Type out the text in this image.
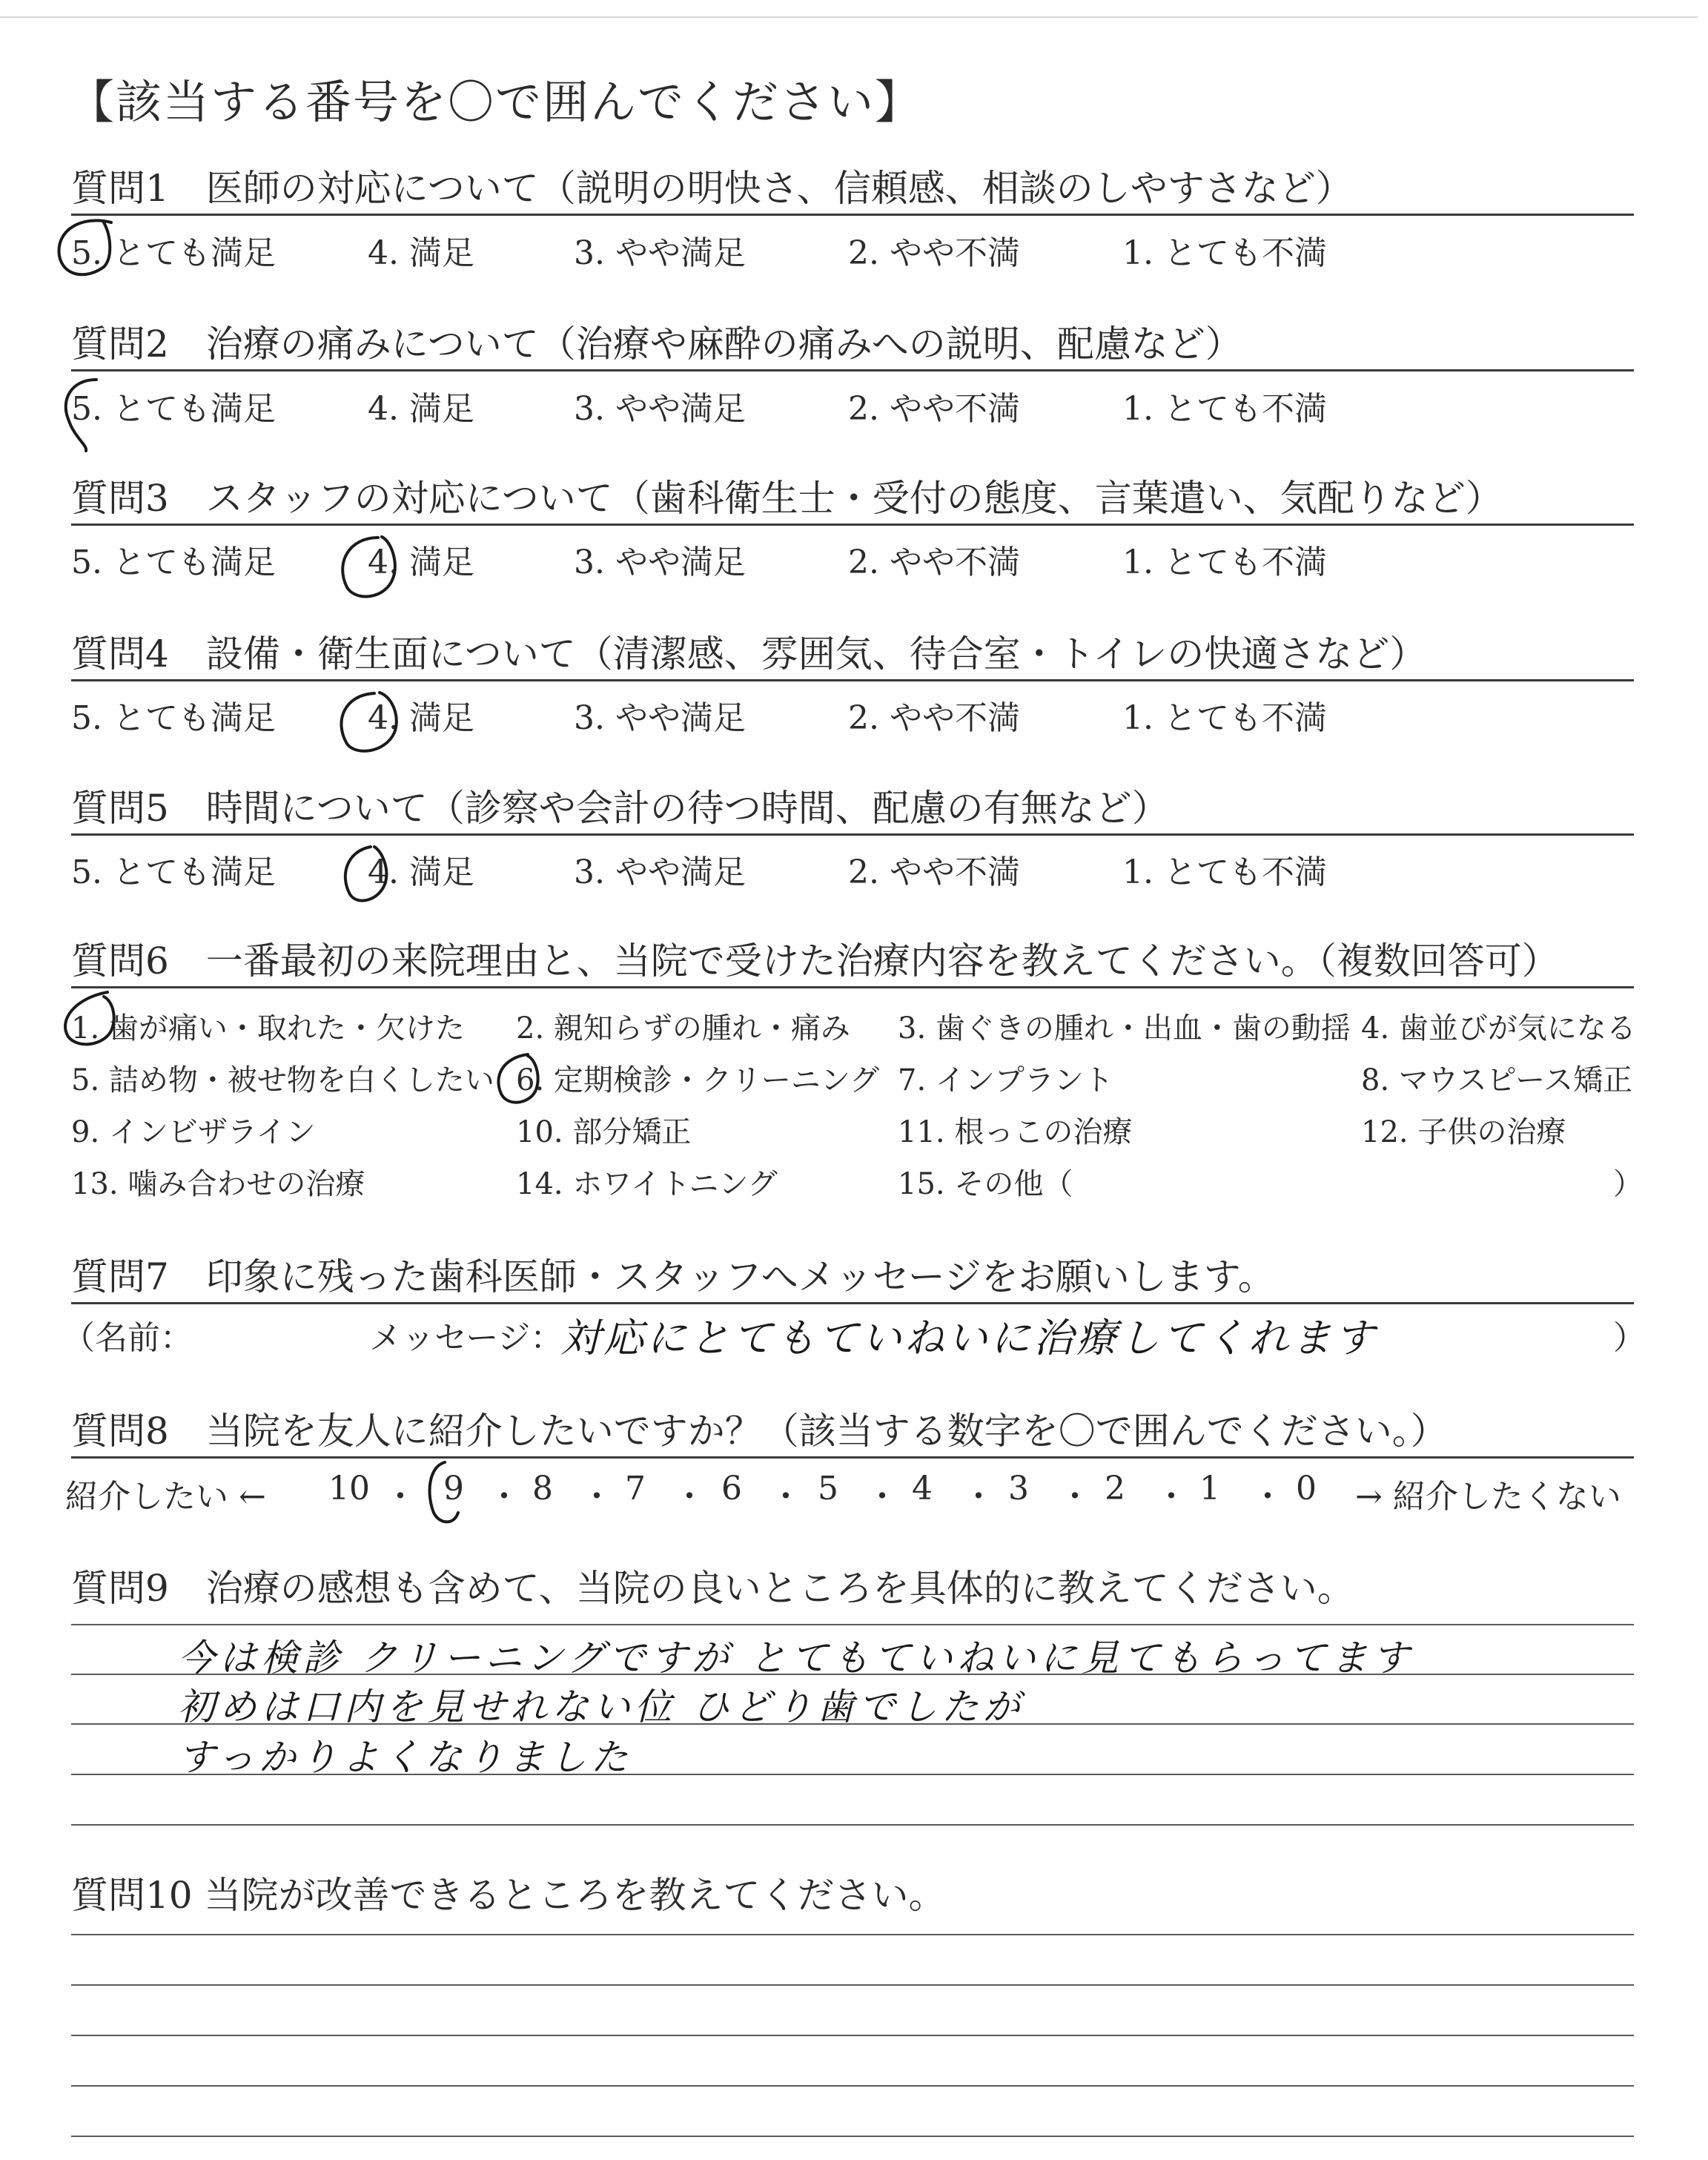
【該当する番号を〇で囲んでください】
質問1　医師の対応について（説明の明快さ、信頼感、相談のしやすさなど）
5. とても満足	4. 満足	3. やや満足	2. やや不満	1. とても不満
質問2　治療の痛みについて（治療や麻酔の痛みへの説明、配慮など）
5. とても満足	4. 満足	3. やや満足	2. やや不満	1. とても不満
質問3　スタッフの対応について（歯科衛生士・受付の態度、言葉遣い、気配りなど）
5. とても満足	4. 満足	3. やや満足	2. やや不満	1. とても不満
質問4　設備・衛生面について（清潔感、雰囲気、待合室・トイレの快適さなど）
5. とても満足	4. 満足	3. やや満足	2. やや不満	1. とても不満
質問5　時間について（診察や会計の待つ時間、配慮の有無など）
5. とても満足	4. 満足	3. やや満足	2. やや不満	1. とても不満
質問6　一番最初の来院理由と、当院で受けた治療内容を教えてください。（複数回答可）
1. 歯が痛い・取れた・欠けた 2. 親知らずの腫れ・痛み 3. 歯ぐきの腫れ・出血・歯の動揺 4. 歯並びが気になる
5. 詰め物・被せ物を白くしたい 6. 定期検診・クリーニング 7. インプラント	8. マウスピース矯正
9. インビザライン	10. 部分矯正	11. 根っこの治療	12. 子供の治療
13. 噛み合わせの治療	14. ホワイトニング	15. その他（	）
質問7　印象に残った歯科医師・スタッフへメッセージをお願いします。
（名前：	メッセージ：
対応にとてもていねいに治療してくれます	）
質問8　当院を友人に紹介したいですか？（該当する数字を〇で囲んでください。）
紹介したい ← 10 ・ 9 ・ 8 ・ 7 ・ 6 ・ 5 ・ 4 ・ 3 ・ 2 ・ 1 ・ 0 → 紹介したくない
質問9　治療の感想も含めて、当院の良いところを具体的に教えてください。
今は検診 クリーニングですが とてもていねいに見てもらってます
初めは口内を見せれない位 ひどり歯でしたが
すっかりよくなりました
質問10 当院が改善できるところを教えてください。
